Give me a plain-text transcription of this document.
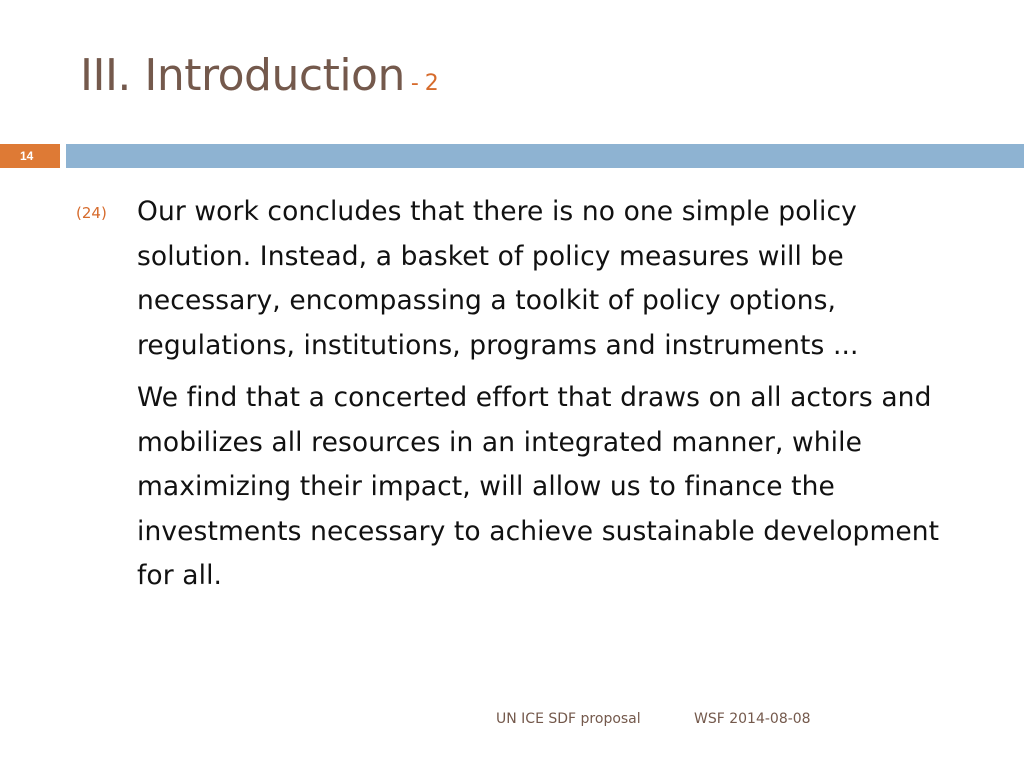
III. Introduction - 2
14
(24) Our work concludes that there is no one simple policy solution. Instead, a basket of policy measures will be necessary, encompassing a toolkit of policy options, regulations, institutions, programs and instruments ...

We find that a concerted effort that draws on all actors and mobilizes all resources in an integrated manner, while maximizing their impact, will allow us to finance the investments necessary to achieve sustainable development for all.

UN ICE SDF proposal	WSF 2014-08-08
